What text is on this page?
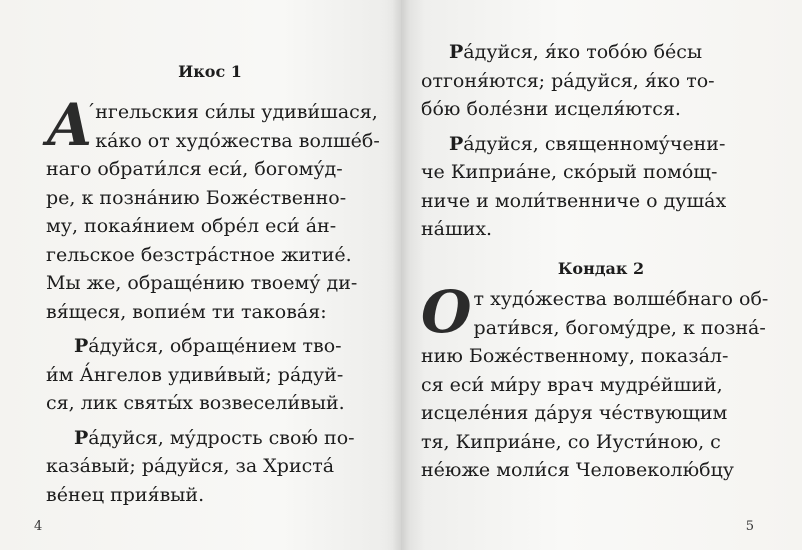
Икос 1
А ́нгельския си́лы удиви́шася,
ка́ко от худо́жества волше́б-
наго обрати́лся еси́, богому́д-
ре, к позна́нию Боже́ственно-
му, покая́нием обре́л еси́ а́н-
гельское безстра́стное житие́.
Мы же, обраще́нию твоему́ ди-
вя́щеся, вопие́м ти такова́я:
Ра́дуйся, обраще́нием тво-
и́м А́нгелов удиви́вый; ра́дуй-
ся, лик святы́х возвесели́вый.
Ра́дуйся, му́дрость свою́ по-
каза́вый; ра́дуйся, за Христа́
ве́нец прия́вый.
4
Ра́дуйся, я́ко тобо́ю бе́сы
отгоня́ются; ра́дуйся, я́ко то-
бо́ю боле́зни исцеля́ются.
Ра́дуйся, священному́чени-
че Киприа́не, ско́рый помо́щ-
ниче и моли́твенниче о душа́х
на́ших.
Кондак 2
От худо́жества волше́бнаго об-
рати́вся, богому́дре, к позна́-
нию Боже́ственному, показа́л-
ся еси́ ми́ру врач мудре́йший,
исцеле́ния да́руя че́ствующим
тя, Киприа́не, со Иусти́ною, с
не́юже моли́ся Человеколю́бцу
5
